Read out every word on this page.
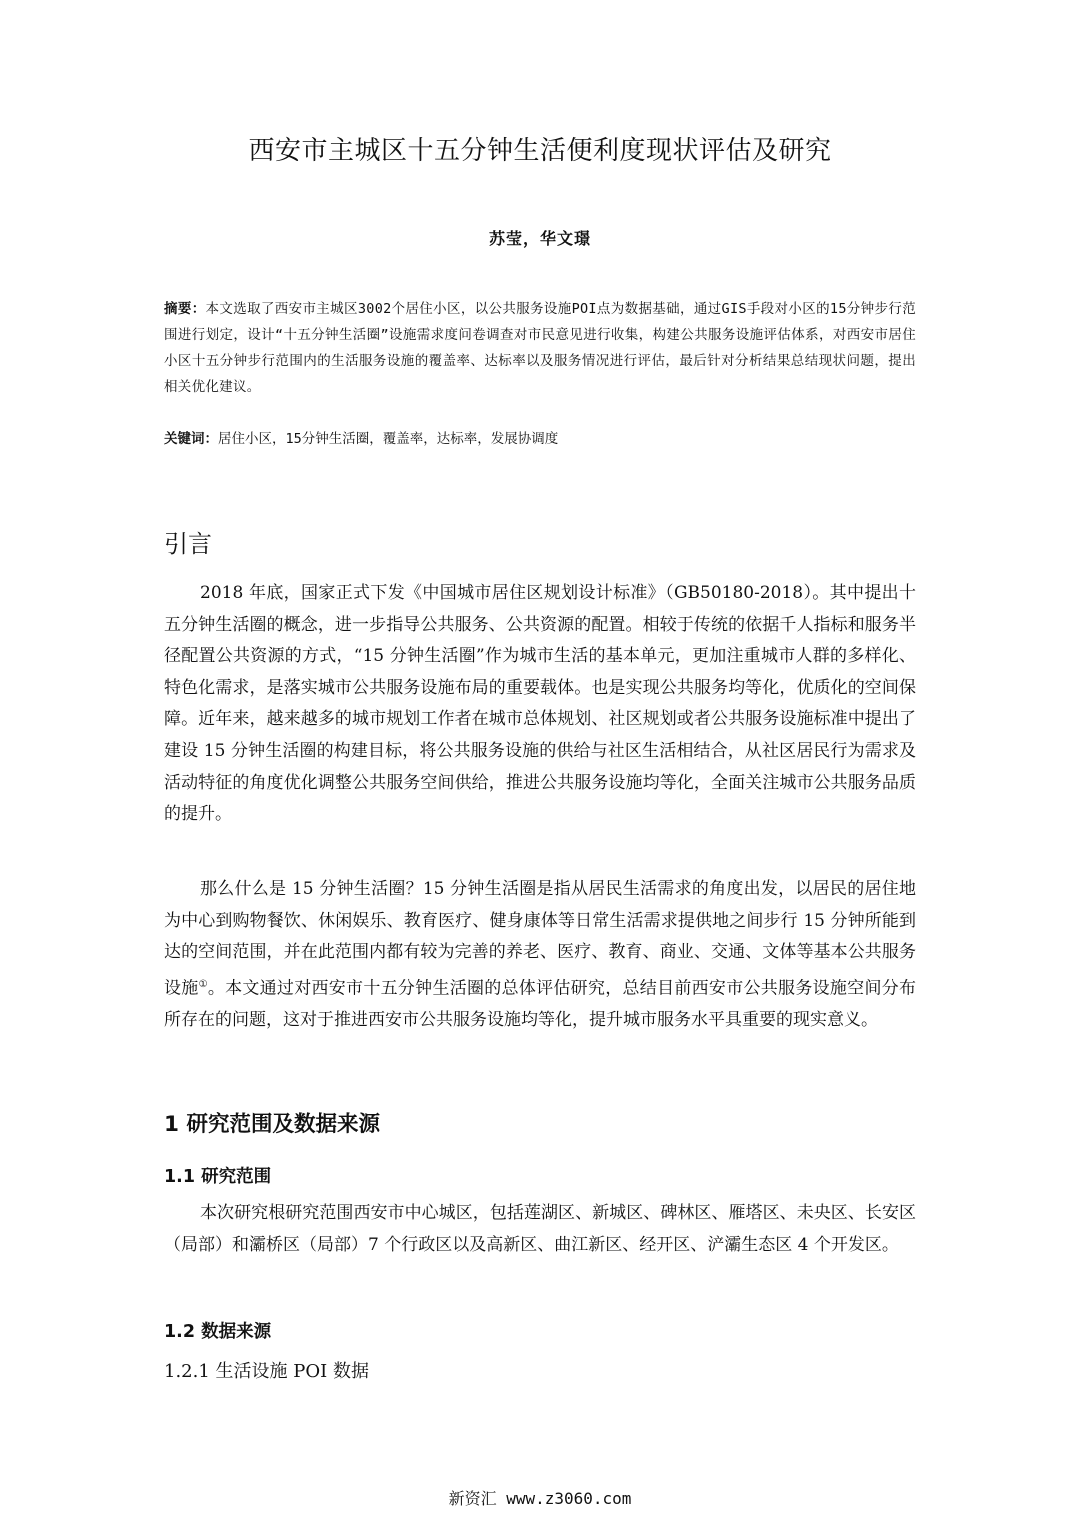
西安市主城区十五分钟生活便利度现状评估及研究
苏莹，华文璟
摘要：本文选取了西安市主城区3002个居住小区，以公共服务设施POI点为数据基础，通过GIS手段对小区的15分钟步行范围进行划定，设计“十五分钟生活圈”设施需求度问卷调查对市民意见进行收集，构建公共服务设施评估体系，对西安市居住小区十五分钟步行范围内的生活服务设施的覆盖率、达标率以及服务情况进行评估，最后针对分析结果总结现状问题，提出相关优化建议。
关键词：居住小区，15分钟生活圈，覆盖率，达标率，发展协调度
引言
2018 年底，国家正式下发《中国城市居住区规划设计标准》（GB50180-2018）。其中提出十五分钟生活圈的概念，进一步指导公共服务、公共资源的配置。相较于传统的依据千人指标和服务半径配置公共资源的方式，“15 分钟生活圈”作为城市生活的基本单元，更加注重城市人群的多样化、特色化需求，是落实城市公共服务设施布局的重要载体。也是实现公共服务均等化，优质化的空间保障。近年来，越来越多的城市规划工作者在城市总体规划、社区规划或者公共服务设施标准中提出了建设 15 分钟生活圈的构建目标，将公共服务设施的供给与社区生活相结合，从社区居民行为需求及活动特征的角度优化调整公共服务空间供给，推进公共服务设施均等化，全面关注城市公共服务品质的提升。
那么什么是 15 分钟生活圈？15 分钟生活圈是指从居民生活需求的角度出发，以居民的居住地为中心到购物餐饮、休闲娱乐、教育医疗、健身康体等日常生活需求提供地之间步行 15 分钟所能到达的空间范围，并在此范围内都有较为完善的养老、医疗、教育、商业、交通、文体等基本公共服务设施①。本文通过对西安市十五分钟生活圈的总体评估研究，总结目前西安市公共服务设施空间分布所存在的问题，这对于推进西安市公共服务设施均等化，提升城市服务水平具重要的现实意义。
1 研究范围及数据来源
1.1 研究范围
本次研究根研究范围西安市中心城区，包括莲湖区、新城区、碑林区、雁塔区、未央区、长安区（局部）和灞桥区（局部）7 个行政区以及高新区、曲江新区、经开区、浐灞生态区 4 个开发区。
1.2 数据来源
1.2.1 生活设施 POI 数据
新资汇 www.z3060.com
